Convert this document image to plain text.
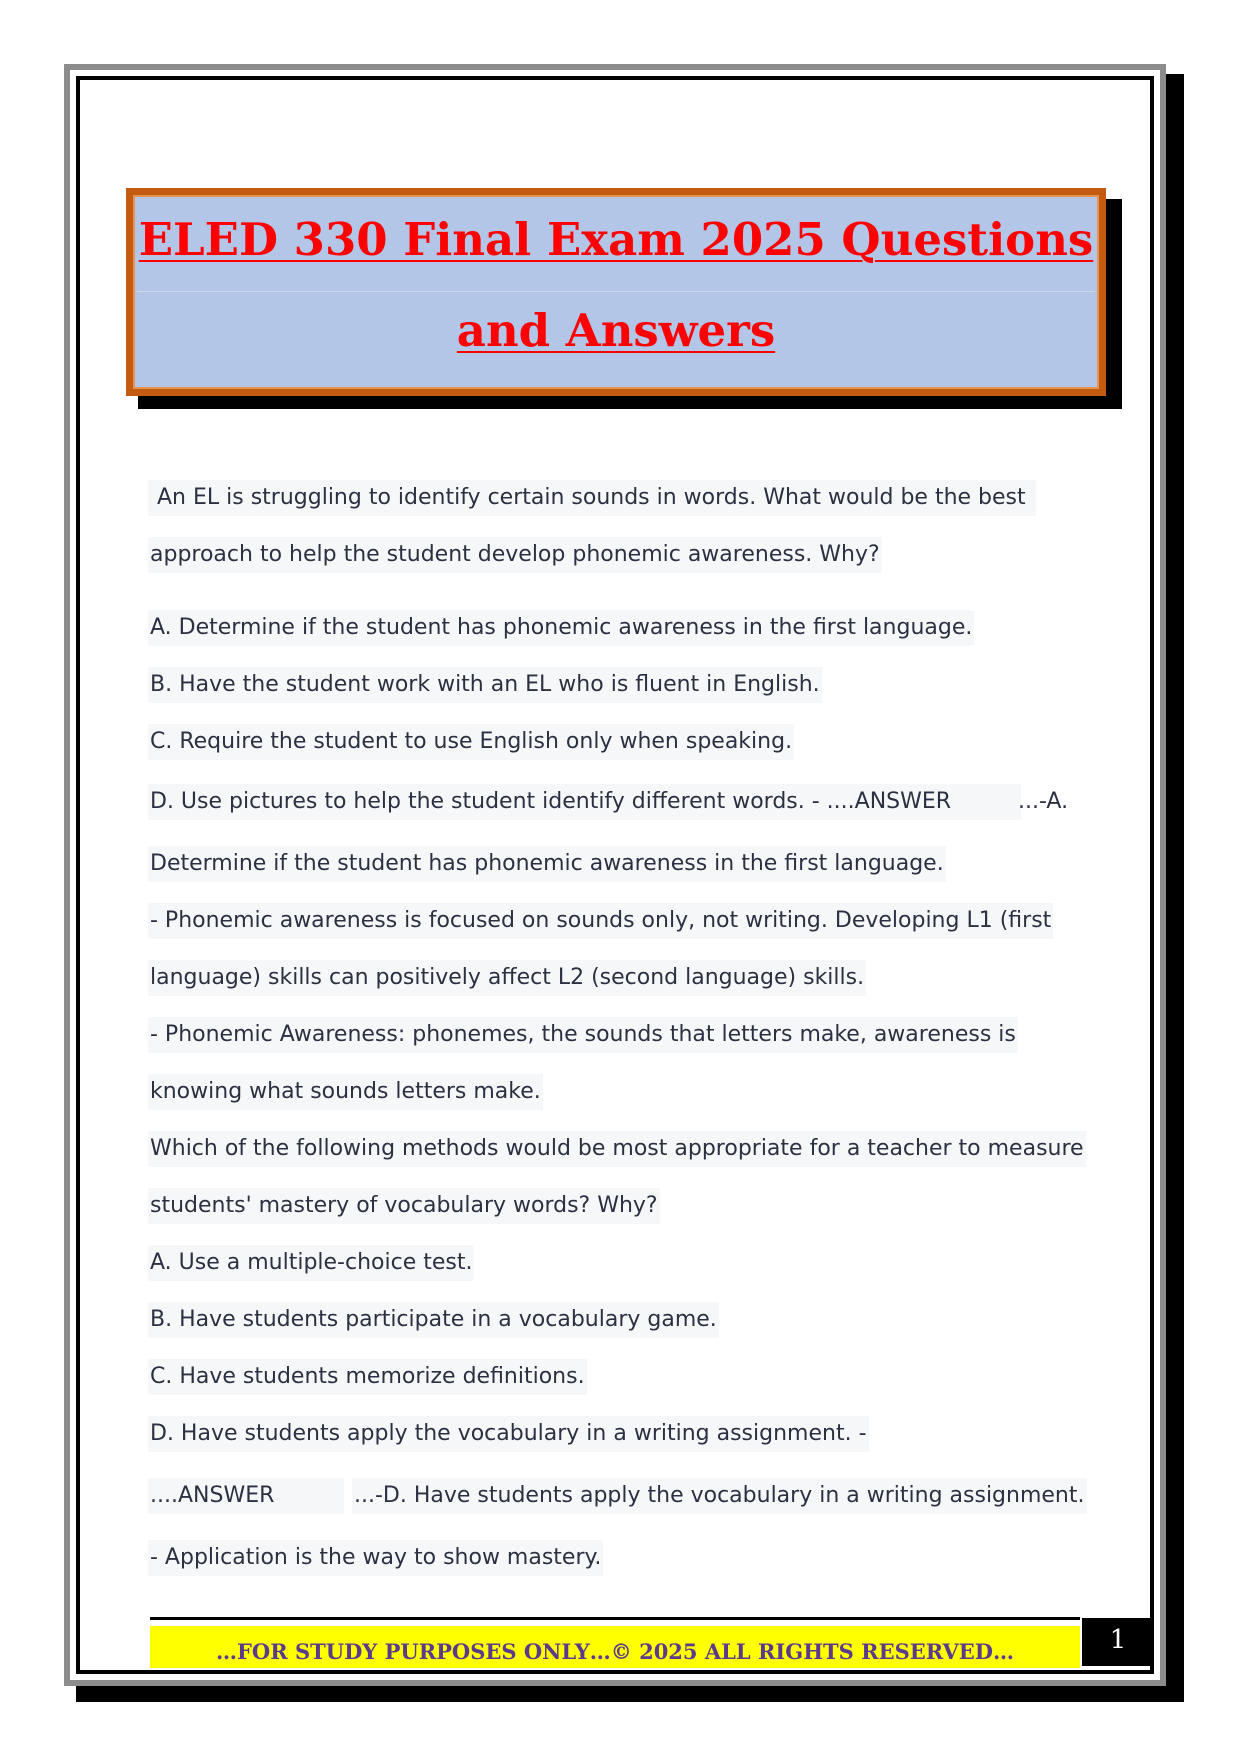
ELED 330 Final Exam 2025 Questions
and Answers
An EL is struggling to identify certain sounds in words. What would be the best
approach to help the student develop phonemic awareness. Why?
A. Determine if the student has phonemic awareness in the first language.
B. Have the student work with an EL who is fluent in English.
C. Require the student to use English only when speaking.
D. Use pictures to help the student identify different words. - ....ANSWER	...-A.
Determine if the student has phonemic awareness in the first language.
- Phonemic awareness is focused on sounds only, not writing. Developing L1 (first
language) skills can positively affect L2 (second language) skills.
- Phonemic Awareness: phonemes, the sounds that letters make, awareness is
knowing what sounds letters make.
Which of the following methods would be most appropriate for a teacher to measure
students' mastery of vocabulary words? Why?
A. Use a multiple-choice test.
B. Have students participate in a vocabulary game.
C. Have students memorize definitions.
D. Have students apply the vocabulary in a writing assignment. -
....ANSWER	...-D. Have students apply the vocabulary in a writing assignment.
- Application is the way to show mastery.
…FOR STUDY PURPOSES ONLY…© 2025 ALL RIGHTS RESERVED…	1
